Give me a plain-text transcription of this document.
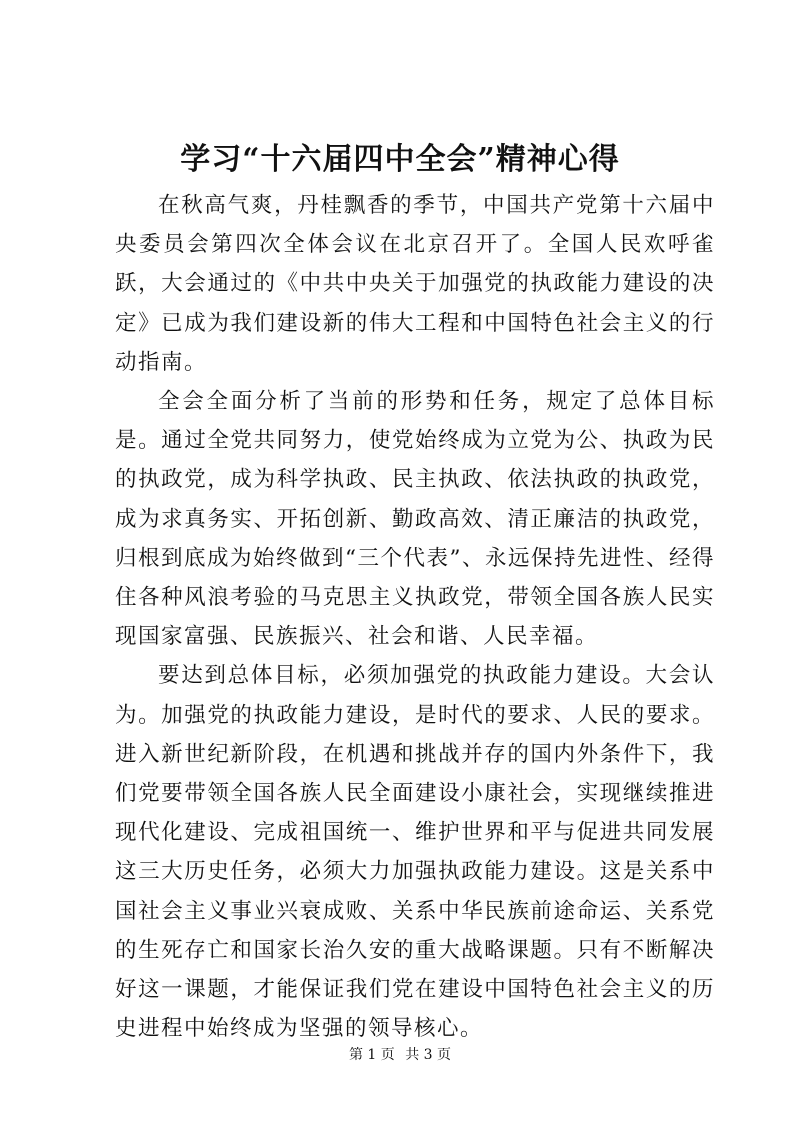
学习“十六届四中全会”精神心得

在秋高气爽，丹桂飘香的季节，中国共产党第十六届中央委员会第四次全体会议在北京召开了。全国人民欢呼雀跃，大会通过的《中共中央关于加强党的执政能力建设的决定》已成为我们建设新的伟大工程和中国特色社会主义的行动指南。

全会全面分析了当前的形势和任务，规定了总体目标是。通过全党共同努力，使党始终成为立党为公、执政为民的执政党，成为科学执政、民主执政、依法执政的执政党，成为求真务实、开拓创新、勤政高效、清正廉洁的执政党，归根到底成为始终做到“三个代表”、永远保持先进性、经得住各种风浪考验的马克思主义执政党，带领全国各族人民实现国家富强、民族振兴、社会和谐、人民幸福。

要达到总体目标，必须加强党的执政能力建设。大会认为。加强党的执政能力建设，是时代的要求、人民的要求。进入新世纪新阶段，在机遇和挑战并存的国内外条件下，我们党要带领全国各族人民全面建设小康社会，实现继续推进现代化建设、完成祖国统一、维护世界和平与促进共同发展这三大历史任务，必须大力加强执政能力建设。这是关系中国社会主义事业兴衰成败、关系中华民族前途命运、关系党的生死存亡和国家长治久安的重大战略课题。只有不断解决好这一课题，才能保证我们党在建设中国特色社会主义的历史进程中始终成为坚强的领导核心。

第 1 页 共 3 页
